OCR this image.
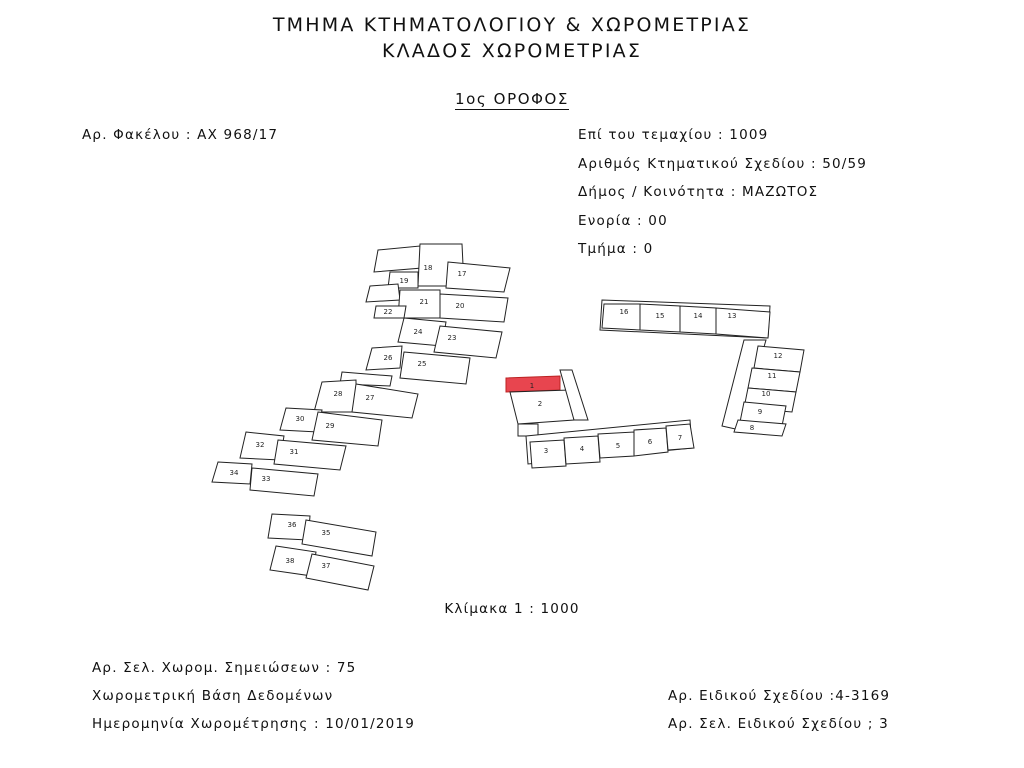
ΤΜΗΜΑ ΚΤΗΜΑΤΟΛΟΓΙΟΥ & ΧΩΡΟΜΕΤΡΙΑΣ
ΚΛΑΔΟΣ ΧΩΡΟΜΕΤΡΙΑΣ
1ος ΟΡΟΦΟΣ
Αρ. Φακέλου : ΑΧ 968/17	Επί του τεμαχίου : 1009
Αριθμός Κτηματικού Σχεδίου : 50/59
Δήμος / Κοινότητα : ΜΑΖΩΤΟΣ
Ενορία : 00
Τμήμα : 0
18
17
19
21	20
22
24
23
26
25
28	27
30
29
32
31
34
33
36
35
38
37
1
2
3	4	5	6	7
16	15	14	13
12
11
10
9
8
Κλίμακα 1 : 1000
Αρ. Σελ. Χωρομ. Σημειώσεων : 75
Χωρομετρική Βάση Δεδομένων
Ημερομηνία Χωρομέτρησης : 10/01/2019
Αρ. Ειδικού Σχεδίου :4-3169
Αρ. Σελ. Ειδικού Σχεδίου ; 3
